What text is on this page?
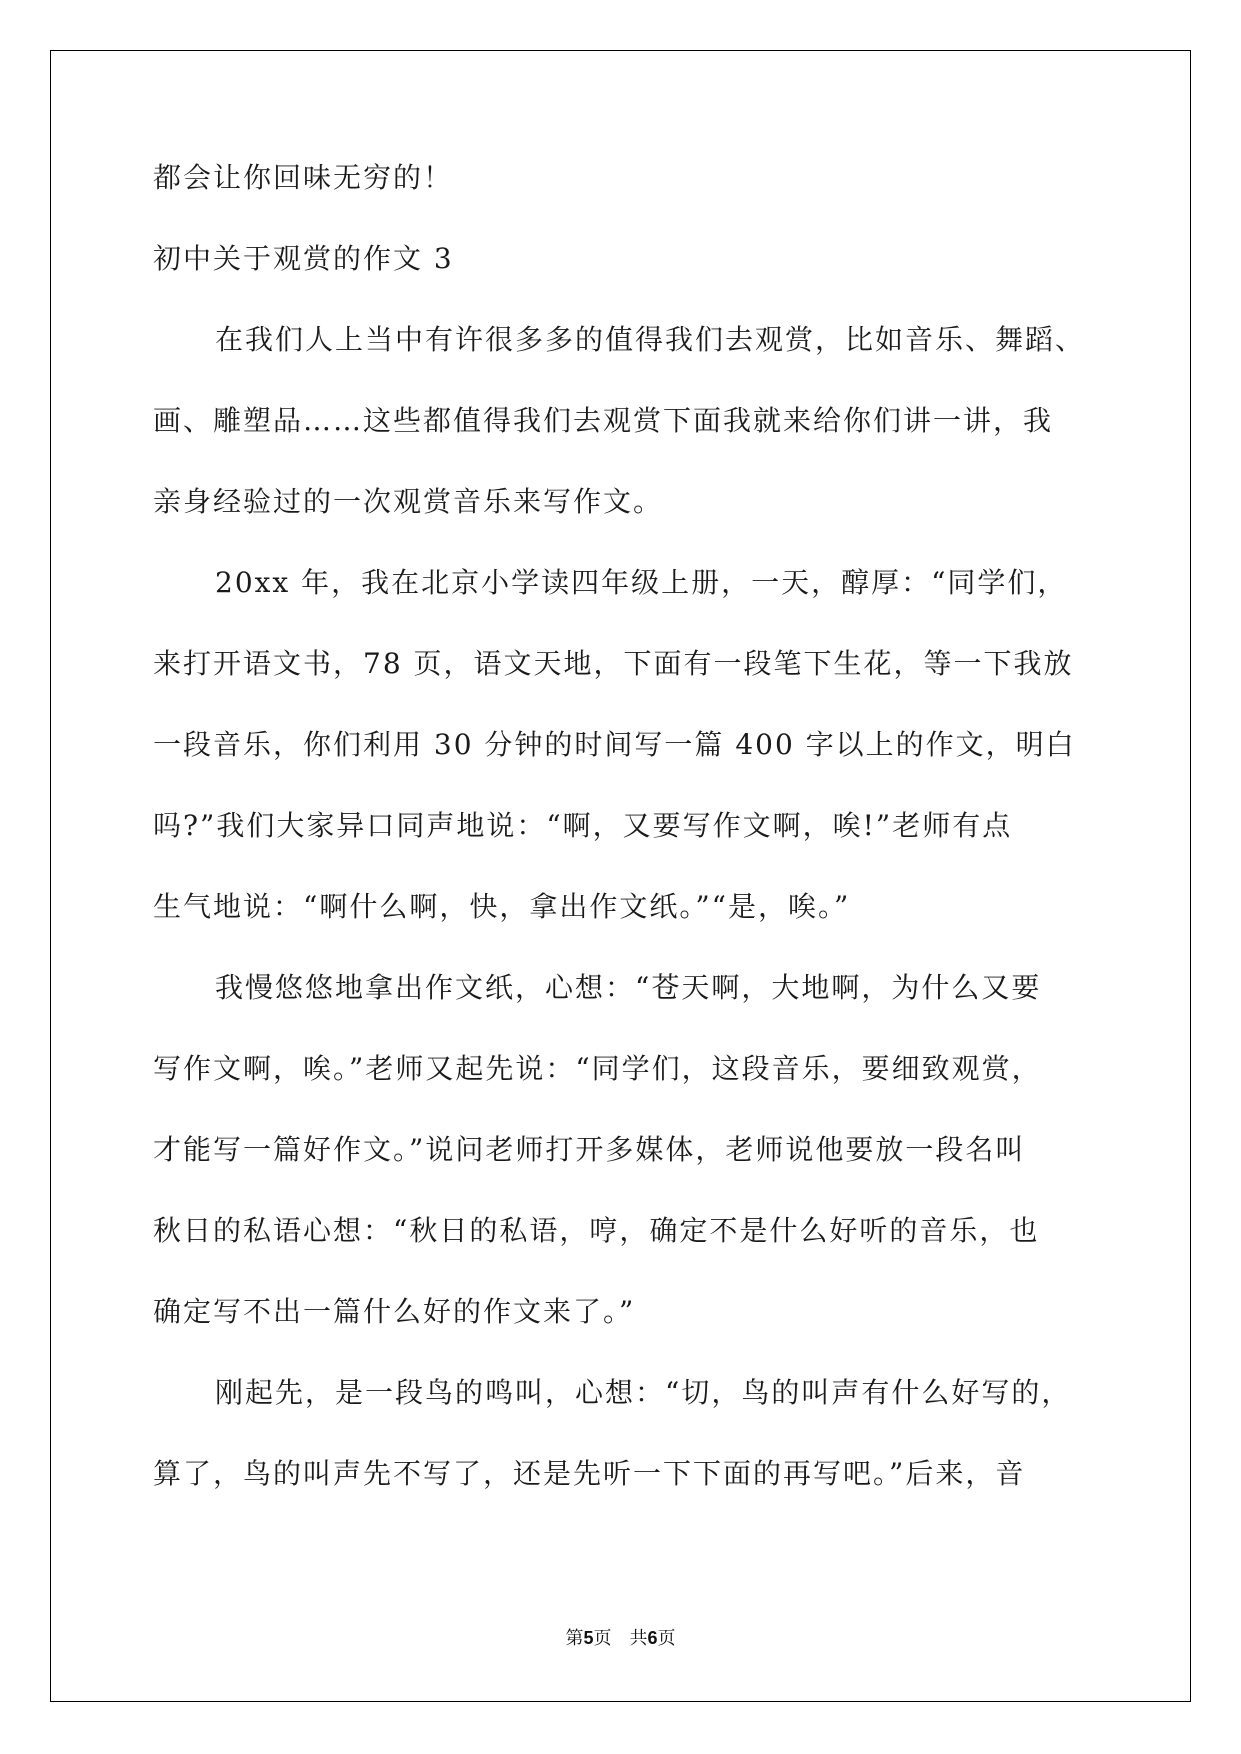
都会让你回味无穷的！
初中关于观赏的作文 3
在我们人上当中有许很多多的值得我们去观赏，比如音乐、舞蹈、
画、雕塑品……这些都值得我们去观赏下面我就来给你们讲一讲，我
亲身经验过的一次观赏音乐来写作文。
20xx 年，我在北京小学读四年级上册，一天，醇厚：“同学们，
来打开语文书，78 页，语文天地，下面有一段笔下生花，等一下我放
一段音乐，你们利用 30 分钟的时间写一篇 400 字以上的作文，明白
吗?”我们大家异口同声地说：“啊，又要写作文啊，唉!”老师有点
生气地说：“啊什么啊，快，拿出作文纸。”“是，唉。”
我慢悠悠地拿出作文纸，心想：“苍天啊，大地啊，为什么又要
写作文啊，唉。”老师又起先说：“同学们，这段音乐，要细致观赏，
才能写一篇好作文。”说问老师打开多媒体，老师说他要放一段名叫
秋日的私语心想：“秋日的私语，哼，确定不是什么好听的音乐，也
确定写不出一篇什么好的作文来了。”
刚起先，是一段鸟的鸣叫，心想：“切，鸟的叫声有什么好写的，
算了，鸟的叫声先不写了，还是先听一下下面的再写吧。”后来，音
第5页 共6页
